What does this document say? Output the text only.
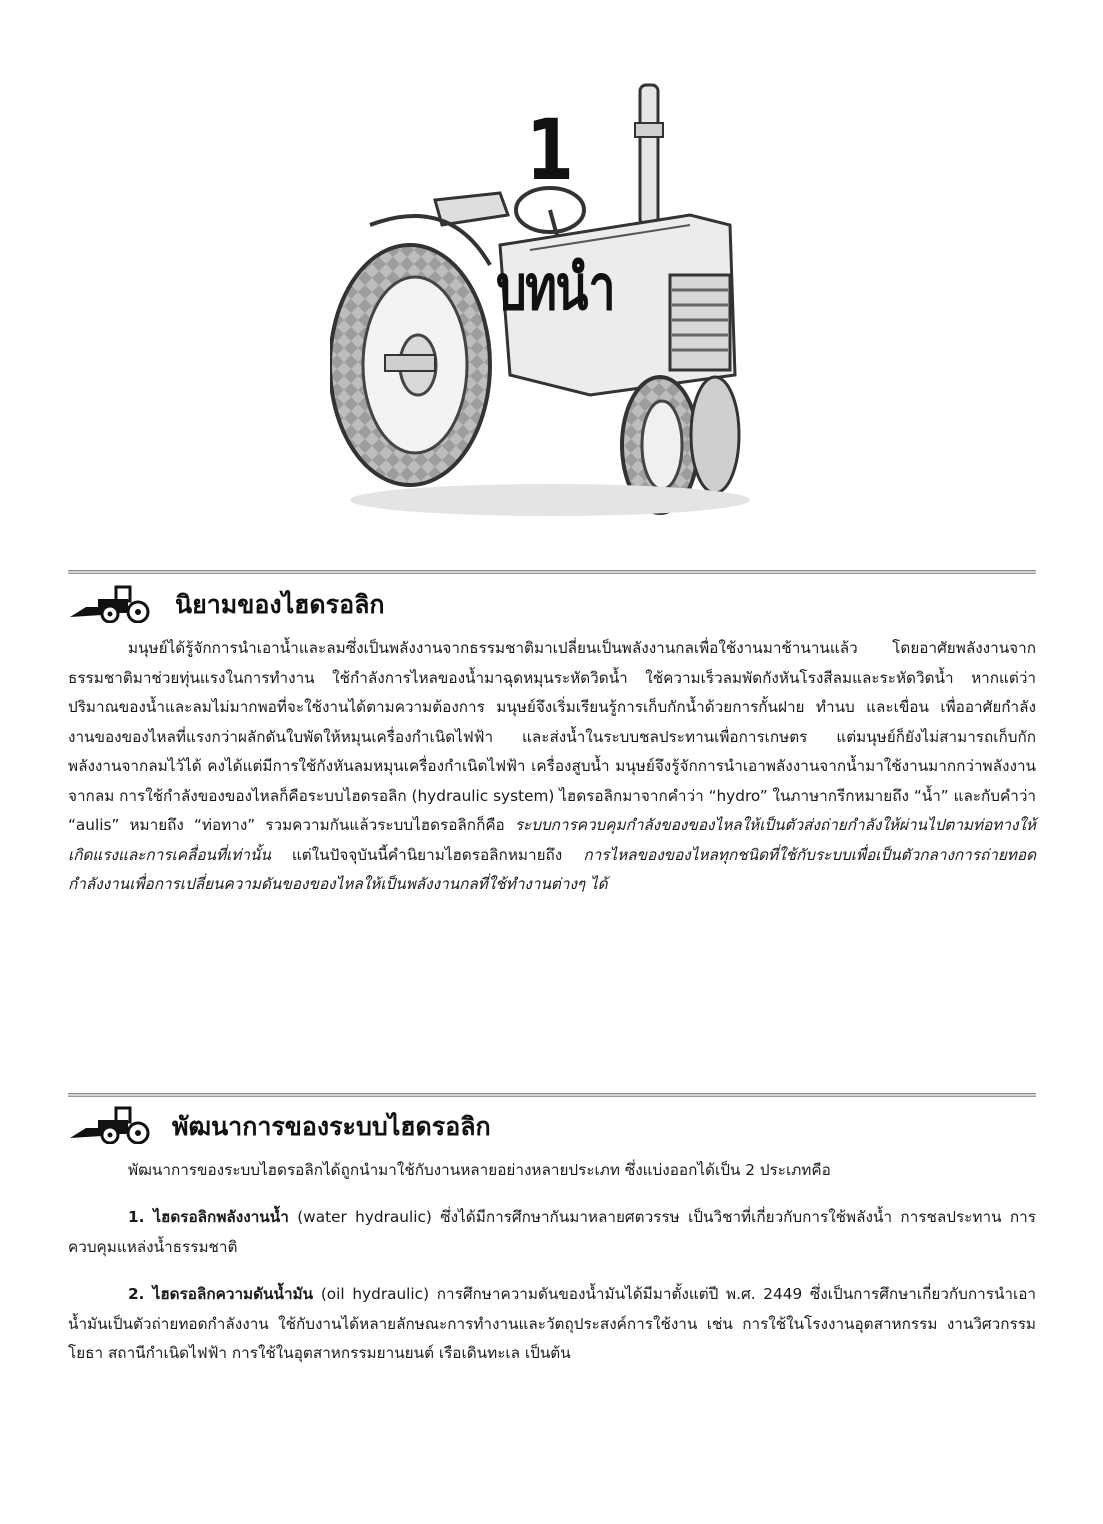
1
บทนำ
นิยามของไฮดรอลิก

มนุษย์ได้รู้จักการนำเอาน้ำและลมซึ่งเป็นพลังงานจากธรรมชาติมาเปลี่ยนเป็นพลังงานกลเพื่อใช้งานมาช้านานแล้ว โดยอาศัยพลังงานจากธรรมชาติมาช่วยทุ่นแรงในการทำงาน ใช้กำลังการไหลของน้ำมาฉุดหมุนระหัดวิดน้ำ ใช้ความเร็วลมพัดกังหันโรงสีลมและระหัดวิดน้ำ หากแต่ว่าปริมาณของน้ำและลมไม่มากพอที่จะใช้งานได้ตามความต้องการ มนุษย์จึงเริ่มเรียนรู้การเก็บกักน้ำด้วยการกั้นฝาย ทำนบ และเขื่อน เพื่ออาศัยกำลังงานของของไหลที่แรงกว่าผลักดันใบพัดให้หมุนเครื่องกำเนิดไฟฟ้า และส่งน้ำในระบบชลประทานเพื่อการเกษตร แต่มนุษย์ก็ยังไม่สามารถเก็บกักพลังงานจากลมไว้ได้ คงได้แต่มีการใช้กังหันลมหมุนเครื่องกำเนิดไฟฟ้า เครื่องสูบน้ำ มนุษย์จึงรู้จักการนำเอาพลังงานจากน้ำมาใช้งานมากกว่าพลังงานจากลม การใช้กำลังของของไหลก็คือระบบไฮดรอลิก (hydraulic system) ไฮดรอลิกมาจากคำว่า “hydro” ในภาษากรีกหมายถึง “น้ำ” และกับคำว่า “aulis” หมายถึง “ท่อทาง” รวมความกันแล้วระบบไฮดรอลิกก็คือ ระบบการควบคุมกำลังของของไหลให้เป็นตัวส่งถ่ายกำลังให้ผ่านไปตามท่อทางให้เกิดแรงและการเคลื่อนที่เท่านั้น แต่ในปัจจุบันนี้คำนิยามไฮดรอลิกหมายถึง การไหลของของไหลทุกชนิดที่ใช้กับระบบเพื่อเป็นตัวกลางการถ่ายทอดกำลังงานเพื่อการเปลี่ยนความดันของของไหลให้เป็นพลังงานกลที่ใช้ทำงานต่างๆ ได้

พัฒนาการของระบบไฮดรอลิก

พัฒนาการของระบบไฮดรอลิกได้ถูกนำมาใช้กับงานหลายอย่างหลายประเภท ซึ่งแบ่งออกได้เป็น 2 ประเภทคือ

1. ไฮดรอลิกพลังงานน้ำ (water hydraulic) ซึ่งได้มีการศึกษากันมาหลายศตวรรษ เป็นวิชาที่เกี่ยวกับการใช้พลังน้ำ การชลประทาน การควบคุมแหล่งน้ำธรรมชาติ

2. ไฮดรอลิกความดันน้ำมัน (oil hydraulic) การศึกษาความดันของน้ำมันได้มีมาตั้งแต่ปี พ.ศ. 2449 ซึ่งเป็นการศึกษาเกี่ยวกับการนำเอาน้ำมันเป็นตัวถ่ายทอดกำลังงาน ใช้กับงานได้หลายลักษณะการทำงานและวัตถุประสงค์การใช้งาน เช่น การใช้ในโรงงานอุตสาหกรรม งานวิศวกรรมโยธา สถานีกำเนิดไฟฟ้า การใช้ในอุตสาหกรรมยานยนต์ เรือเดินทะเล เป็นต้น
